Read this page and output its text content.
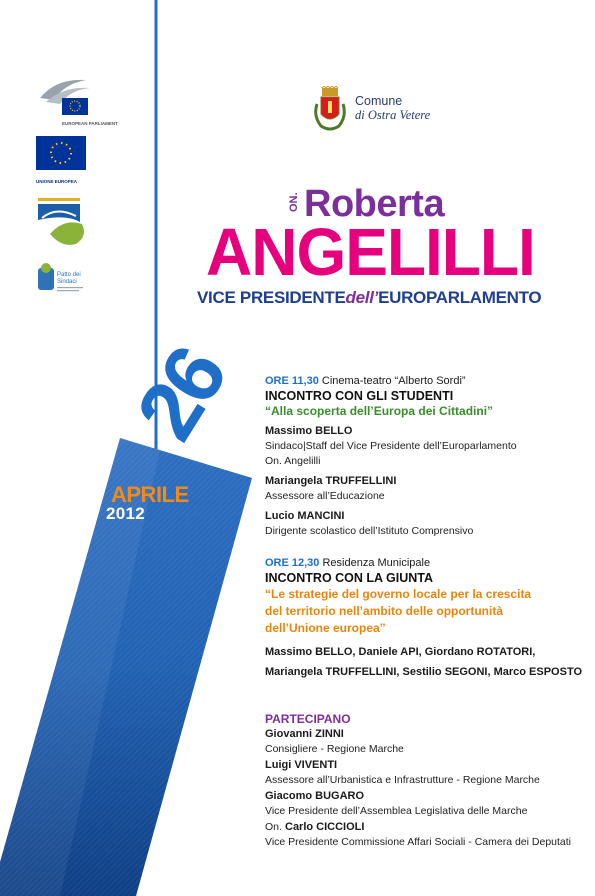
EUROPEAN PARLIAMENT
UNIONE EUROPEA
Patto dei
Sindaci
Comune
di Ostra Vetere
ON. Roberta
ANGELILLI
VICE PRESIDENTEdell’EUROPARLAMENTO
26
APRILE
2012
ORE 11,30 Cinema-teatro “Alberto Sordi”
INCONTRO CON GLI STUDENTI
“Alla scoperta dell’Europa dei Cittadini”
Massimo BELLO
Sindaco|Staff del Vice Presidente dell’Europarlamento
On. Angelilli
Mariangela TRUFFELLINI
Assessore all’Educazione
Lucio MANCINI
Dirigente scolastico dell’Istituto Comprensivo
ORE 12,30 Residenza Municipale
INCONTRO CON LA GIUNTA
“Le strategie del governo locale per la crescita
del territorio nell’ambito delle opportunità
dell’Unione europea”
Massimo BELLO, Daniele API, Giordano ROTATORI,
Mariangela TRUFFELLINI, Sestilio SEGONI, Marco ESPOSTO
PARTECIPANO
Giovanni ZINNI
Consigliere - Regione Marche
Luigi VIVENTI
Assessore all’Urbanistica e Infrastrutture - Regione Marche
Giacomo BUGARO
Vice Presidente dell’Assemblea Legislativa delle Marche
On. Carlo CICCIOLI
Vice Presidente Commissione Affari Sociali - Camera dei Deputati
